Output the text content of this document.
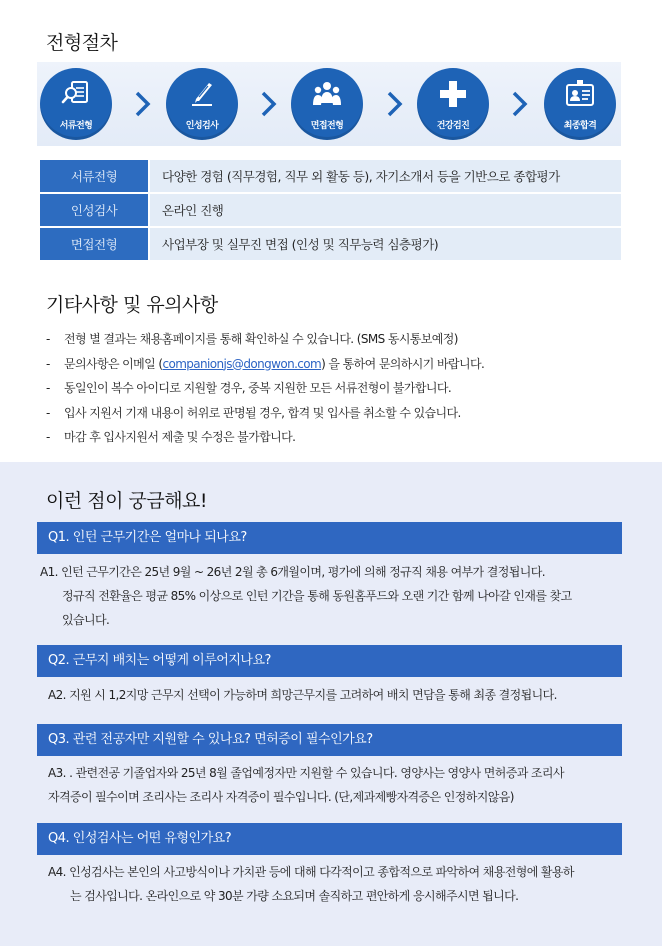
전형절차
서류전형	인성검사	면접전형	건강검진	최종합격
서류전형	다양한 경험 (직무경험, 직무 외 활동 등), 자기소개서 등을 기반으로 종합평가
인성검사	온라인 진행
면접전형	사업부장 및 실무진 면접 (인성 및 직무능력 심층평가)
기타사항 및 유의사항
- 전형 별 결과는 채용홈페이지를 통해 확인하실 수 있습니다. (SMS 동시통보예정)
- 문의사항은 이메일 (companionjs@dongwon.com) 을 통하여 문의하시기 바랍니다.
- 동일인이 복수 아이디로 지원할 경우, 중복 지원한 모든 서류전형이 불가합니다.
- 입사 지원서 기재 내용이 허위로 판명될 경우, 합격 및 입사를 취소할 수 있습니다.
- 마감 후 입사지원서 제출 및 수정은 불가합니다.
이런 점이 궁금해요!
Q1. 인턴 근무기간은 얼마나 되나요?
A1. 인턴 근무기간은 25년 9월 ~ 26년 2월 총 6개월이며, 평가에 의해 정규직 채용 여부가 결정됩니다.
정규직 전환율은 평균 85% 이상으로 인턴 기간을 통해 동원홈푸드와 오랜 기간 함께 나아갈 인재를 찾고
있습니다.
Q2. 근무지 배치는 어떻게 이루어지나요?
A2. 지원 시 1,2지망 근무지 선택이 가능하며 희망근무지를 고려하여 배치 면담을 통해 최종 결정됩니다.
Q3. 관련 전공자만 지원할 수 있나요? 면허증이 필수인가요?
A3. . 관련전공 기졸업자와 25년 8월 졸업예정자만 지원할 수 있습니다. 영양사는 영양사 면허증과 조리사
자격증이 필수이며 조리사는 조리사 자격증이 필수입니다. (단,제과제빵자격증은 인정하지않음)
Q4. 인성검사는 어떤 유형인가요?
A4. 인성검사는 본인의 사고방식이나 가치관 등에 대해 다각적이고 종합적으로 파악하여 채용전형에 활용하
는 검사입니다. 온라인으로 약 30분 가량 소요되며 솔직하고 편안하게 응시해주시면 됩니다.
